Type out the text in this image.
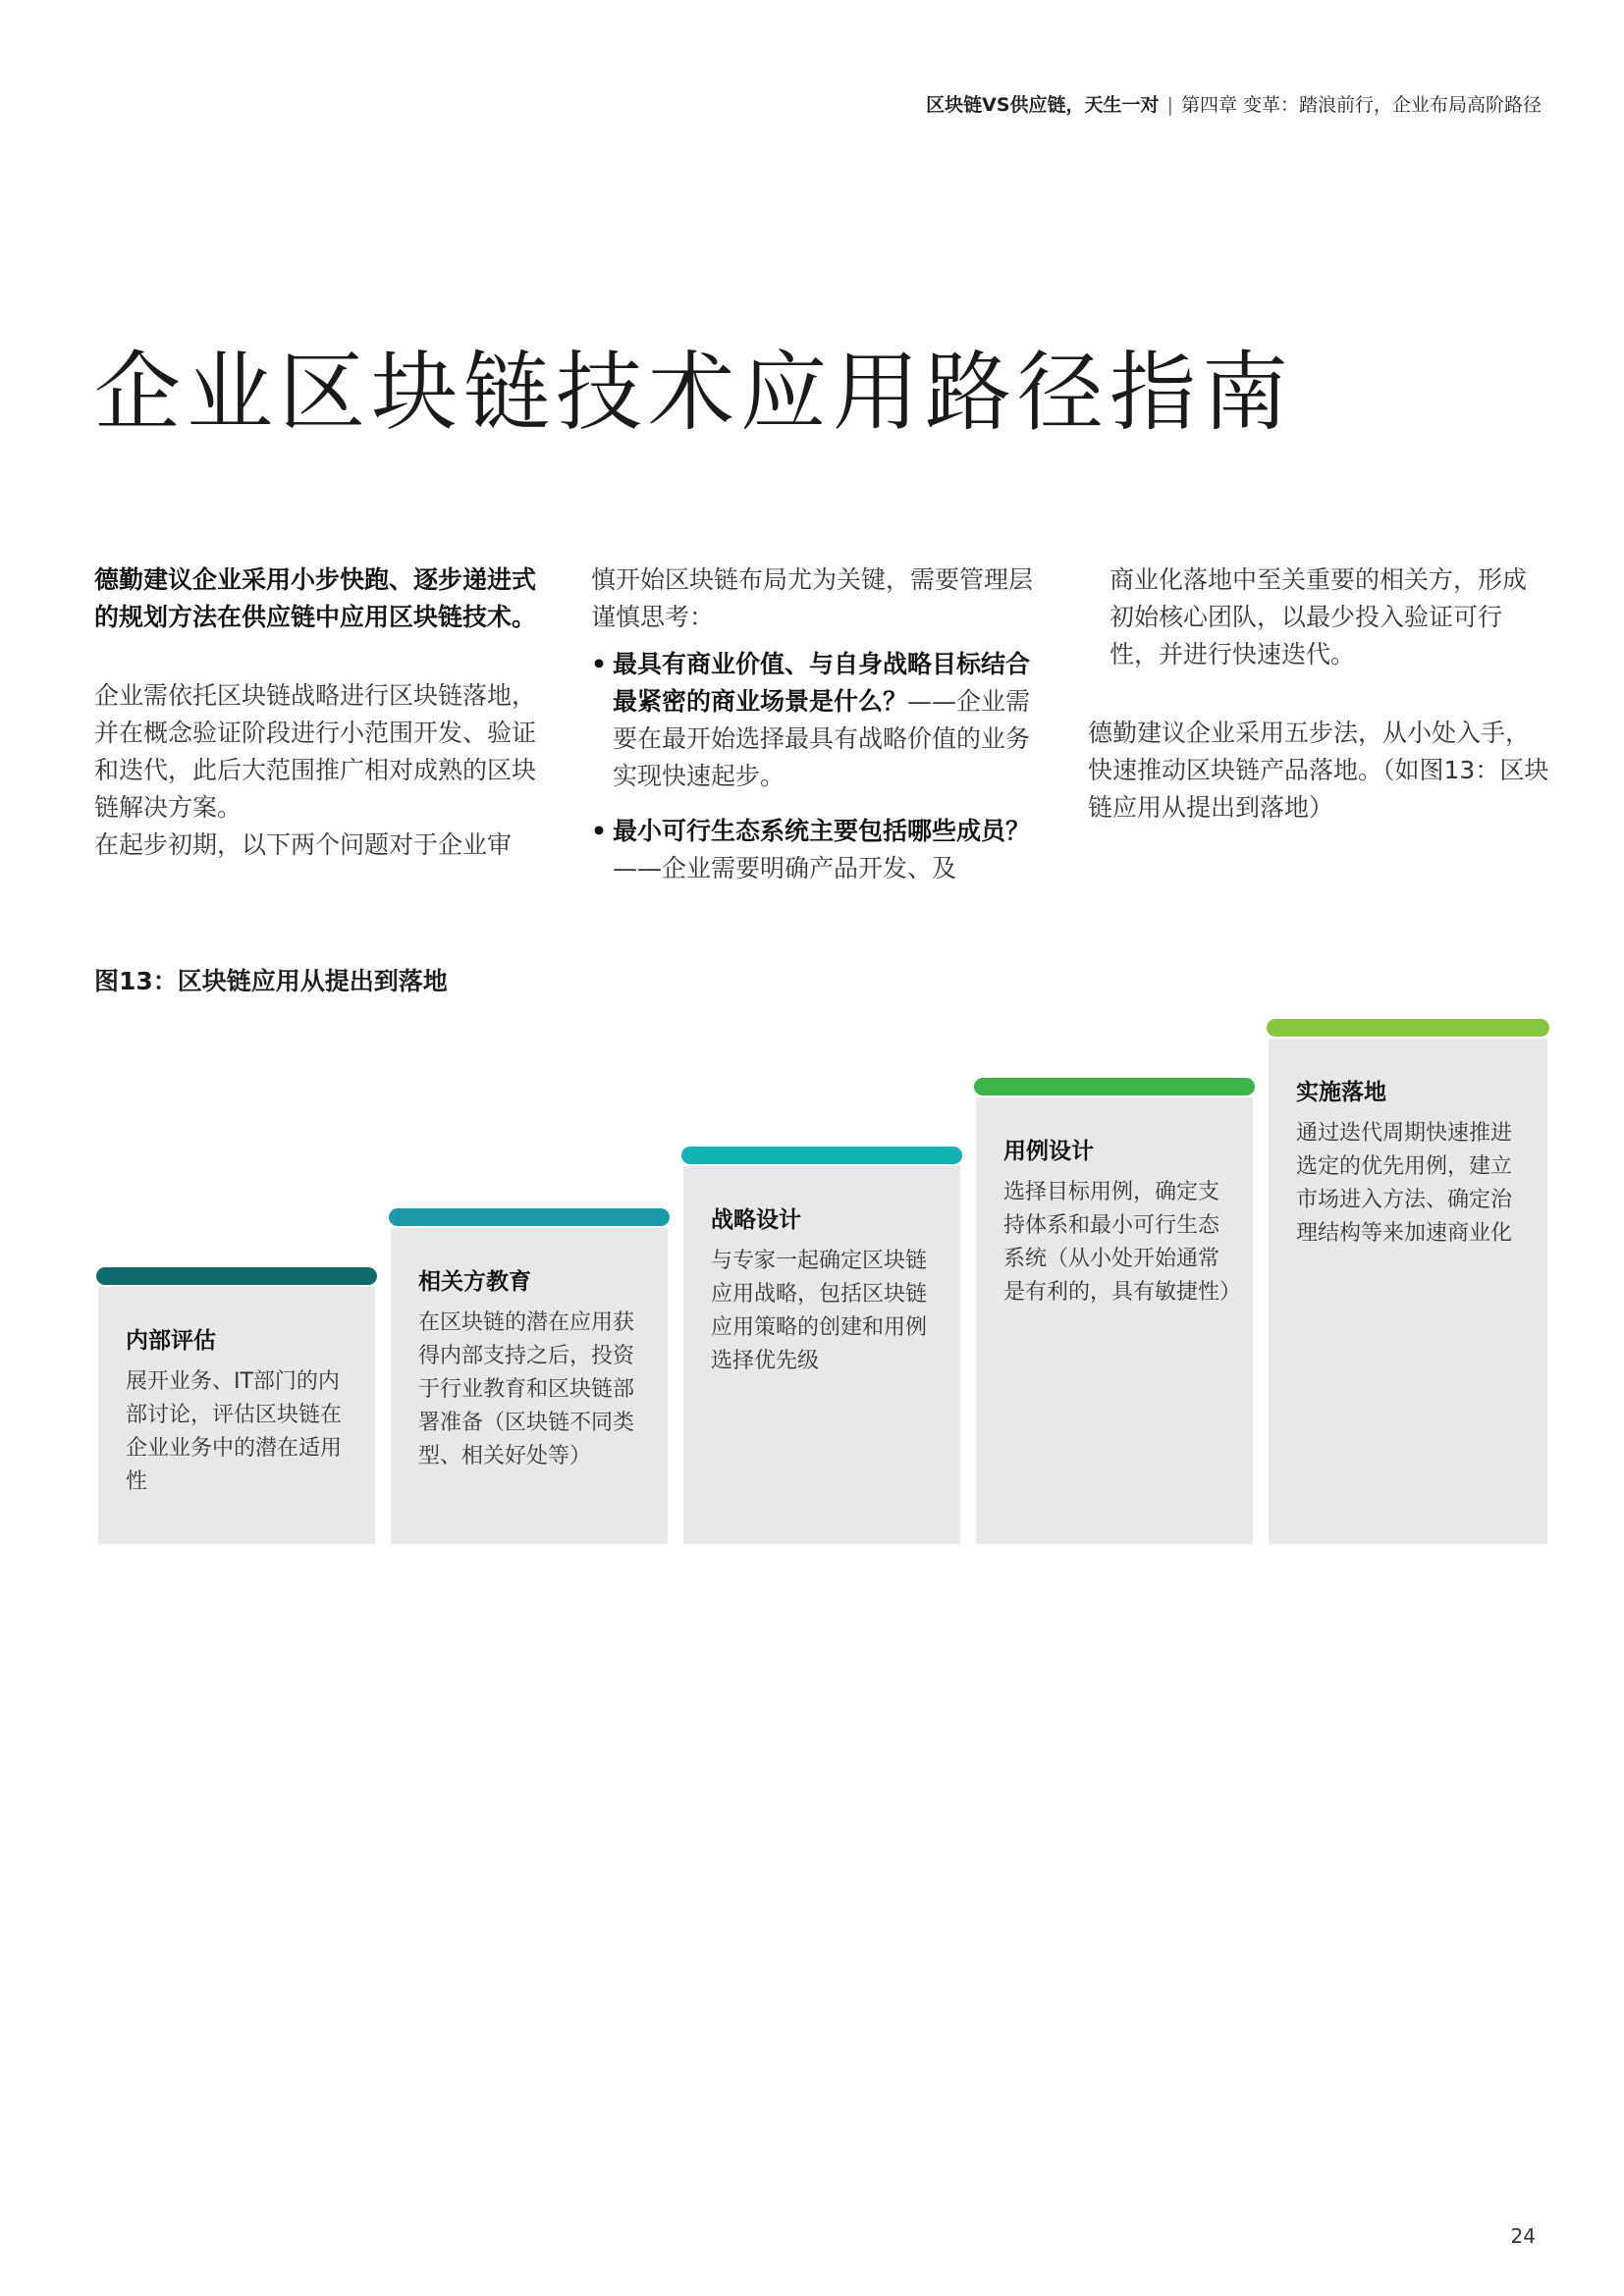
区块链VS供应链，天生一对 | 第四章 变革：踏浪前行，企业布局高阶路径
企业区块链技术应用路径指南

德勤建议企业采用小步快跑、逐步递进式的规划方法在供应链中应用区块链技术。

企业需依托区块链战略进行区块链落地，并在概念验证阶段进行小范围开发、验证和迭代，此后大范围推广相对成熟的区块链解决方案。

在起步初期，以下两个问题对于企业审

慎开始区块链布局尤为关键，需要管理层谨慎思考：

• 最具有商业价值、与自身战略目标结合最紧密的商业场景是什么？——企业需要在最开始选择最具有战略价值的业务实现快速起步。
• 最小可行生态系统主要包括哪些成员？——企业需要明确产品开发、及

商业化落地中至关重要的相关方，形成初始核心团队，以最少投入验证可行性，并进行快速迭代。

德勤建议企业采用五步法，从小处入手，快速推动区块链产品落地。（如图13：区块链应用从提出到落地）

图13：区块链应用从提出到落地

内部评估

展开业务、IT部门的内部讨论，评估区块链在企业业务中的潜在适用性

相关方教育

在区块链的潜在应用获得内部支持之后，投资于行业教育和区块链部署准备（区块链不同类型、相关好处等）

战略设计

与专家一起确定区块链应用战略，包括区块链应用策略的创建和用例选择优先级

用例设计

选择目标用例，确定支持体系和最小可行生态系统（从小处开始通常是有利的，具有敏捷性）

实施落地

通过迭代周期快速推进选定的优先用例，建立市场进入方法、确定治理结构等来加速商业化

24
